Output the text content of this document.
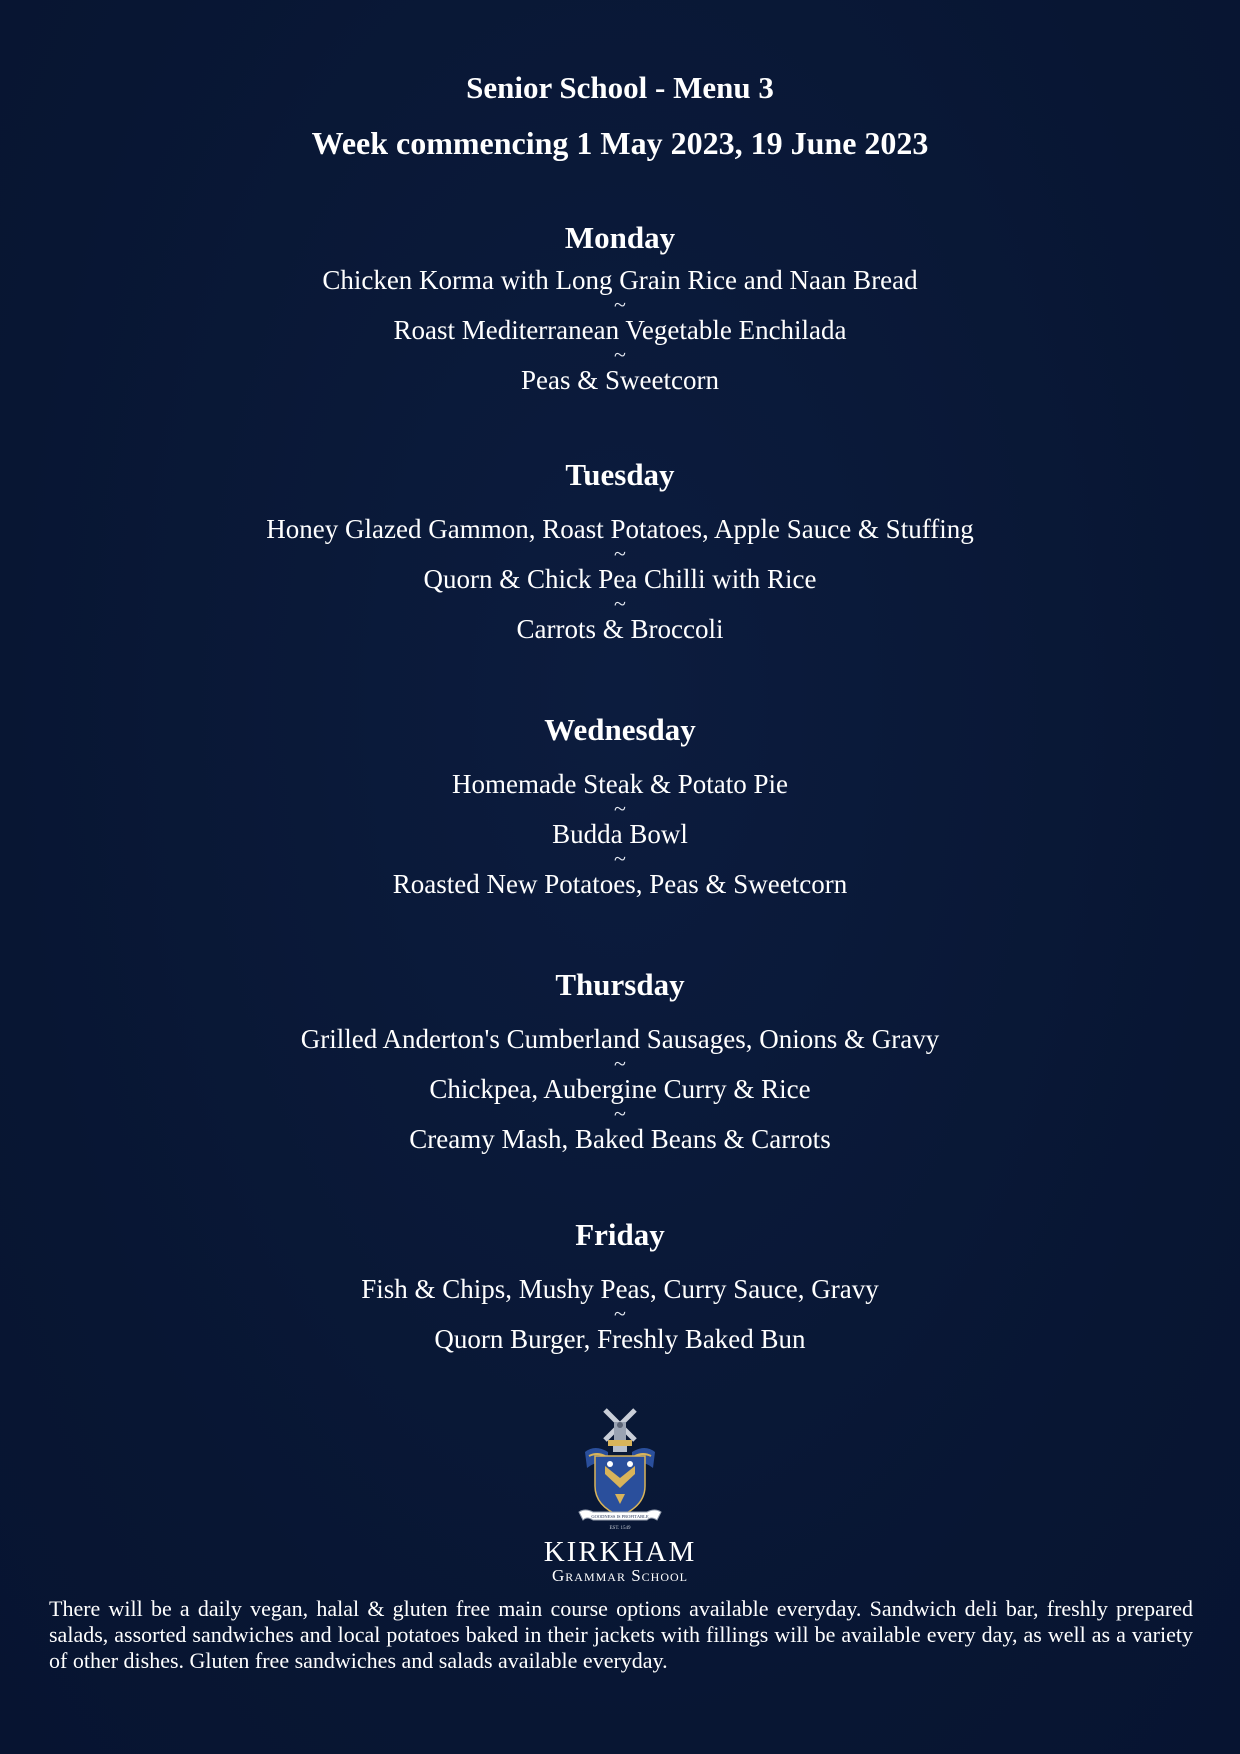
Senior School - Menu 3
Week commencing 1 May 2023, 19 June 2023
Monday
Chicken Korma with Long Grain Rice and Naan Bread
~
Roast Mediterranean Vegetable Enchilada
~
Peas & Sweetcorn
Tuesday
Honey Glazed Gammon, Roast Potatoes, Apple Sauce & Stuffing
~
Quorn & Chick Pea Chilli with Rice
~
Carrots & Broccoli
Wednesday
Homemade Steak & Potato Pie
~
Budda Bowl
~
Roasted New Potatoes, Peas & Sweetcorn
Thursday
Grilled Anderton's Cumberland Sausages, Onions & Gravy
~
Chickpea, Aubergine Curry & Rice
~
Creamy Mash, Baked Beans & Carrots
Friday
Fish & Chips, Mushy Peas, Curry Sauce, Gravy
~
Quorn Burger, Freshly Baked Bun
GOODNESS IS PROFITABLE
EST. 1549
KIRKHAM
Grammar School
There will be a daily vegan, halal & gluten free main course options available everyday. Sandwich deli bar, freshly prepared salads, assorted sandwiches and local potatoes baked in their jackets with fillings will be available every day, as well as a variety of other dishes. Gluten free sandwiches and salads available everyday.
